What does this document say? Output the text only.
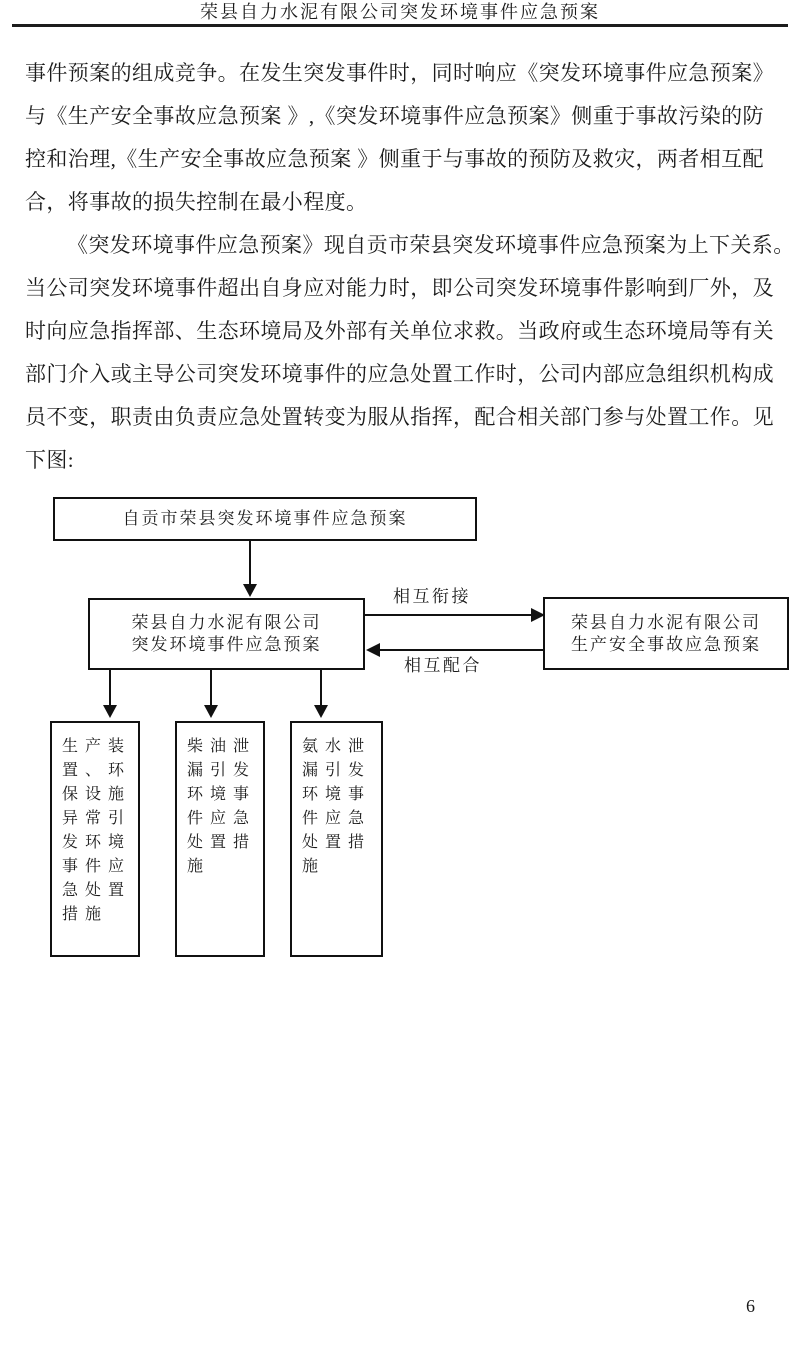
荣县自力水泥有限公司突发环境事件应急预案
事件预案的组成竞争。在发生突发事件时，同时响应《突发环境事件应急预案》
与《生产安全事故应急预案 》,《突发环境事件应急预案》侧重于事故污染的防
控和治理,《生产安全事故应急预案 》侧重于与事故的预防及救灾，两者相互配
合，将事故的损失控制在最小程度。
《突发环境事件应急预案》现自贡市荣县突发环境事件应急预案为上下关系。
当公司突发环境事件超出自身应对能力时，即公司突发环境事件影响到厂外，及
时向应急指挥部、生态环境局及外部有关单位求救。当政府或生态环境局等有关
部门介入或主导公司突发环境事件的应急处置工作时，公司内部应急组织机构成
员不变，职责由负责应急处置转变为服从指挥，配合相关部门参与处置工作。见
下图:
自贡市荣县突发环境事件应急预案
荣县自力水泥有限公司
突发环境事件应急预案
荣县自力水泥有限公司
生产安全事故应急预案
相互衔接
相互配合
生产装置、环保设施异常引发环境事件应急处置措施
柴油泄漏引发环境事件应急处置措施
氨水泄漏引发环境事件应急处置措施
6
